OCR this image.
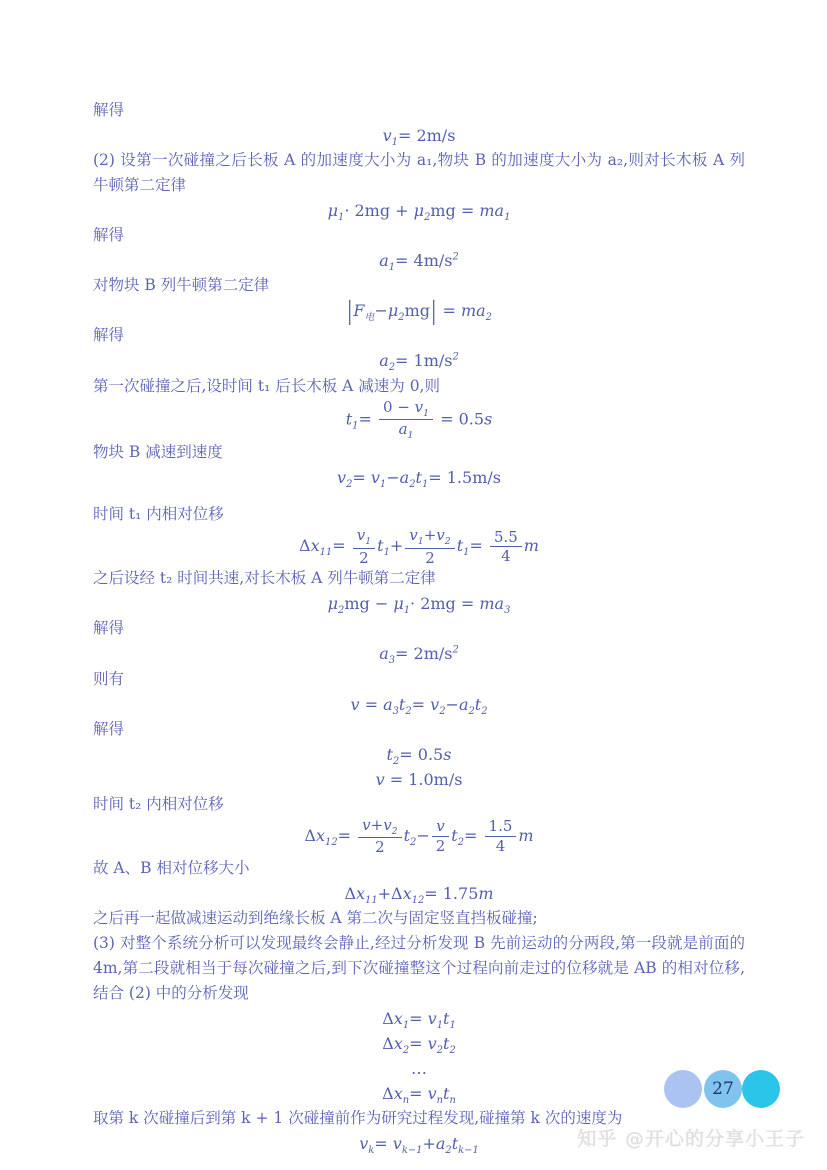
解得
$v_1= 2m/s$
(2) 设第一次碰撞之后长板 A 的加速度大小为 a₁,物块 B 的加速度大小为 a₂,则对长木板 A 列牛顿第二定律
$\mu_1\cdot 2mg + \mu_2mg = ma_1$
解得
$a_1= 4m/s^2$
对物块 B 列牛顿第二定律
$|F_电-\mu_2mg| = ma_2$
解得
$a_2= 1m/s^2$
第一次碰撞之后,设时间 t₁ 后长木板 A 减速为 0,则
$t_1= \frac{0 - v_1}{a_1} = 0.5s$
物块 B 减速到速度
$v_2= v_1-a_2t_1= 1.5m/s$
时间 t₁ 内相对位移
$\Delta x_{11}= \frac{v_1}{2} t_1+ \frac{v_1+v_2}{2} t_1= \frac{5.5}{4}$ m
之后设经 t₂ 时间共速,对长木板 A 列牛顿第二定律
$\mu_2mg - \mu_1\cdot 2mg = ma_3$
解得
$a_3= 2m/s^2$
则有
$v = a_3t_2= v_2-a_2t_2$
解得
$t_2= 0.5s$
v = 1.0m/s
时间 t₂ 内相对位移
$\Delta x_{12}= \frac{v+v_2}{2} t_2- \frac{v}{2} t_2= \frac{1.5}{4}$ m
故 A、B 相对位移大小
$\Delta x_{11}+\Delta x_{12}= 1.75m$
之后再一起做减速运动到绝缘长板 A 第二次与固定竖直挡板碰撞;
(3) 对整个系统分析可以发现最终会静止,经过分析发现 B 先前运动的分两段,第一段就是前面的 4m,第二段就相当于每次碰撞之后,到下次碰撞整这个过程向前走过的位移就是 AB 的相对位移,结合 (2) 中的分析发现
$\Delta x_1= v_1t_1$
$\Delta x_2= v_2t_2$
…
$\Delta x_n= v_nt_n$
取第 k 次碰撞后到第 k + 1 次碰撞前作为研究过程发现,碰撞第 k 次的速度为
$v_k= v_{k-1}+a_2t_{k-1}$
27
知乎 @开心的分享小王子
